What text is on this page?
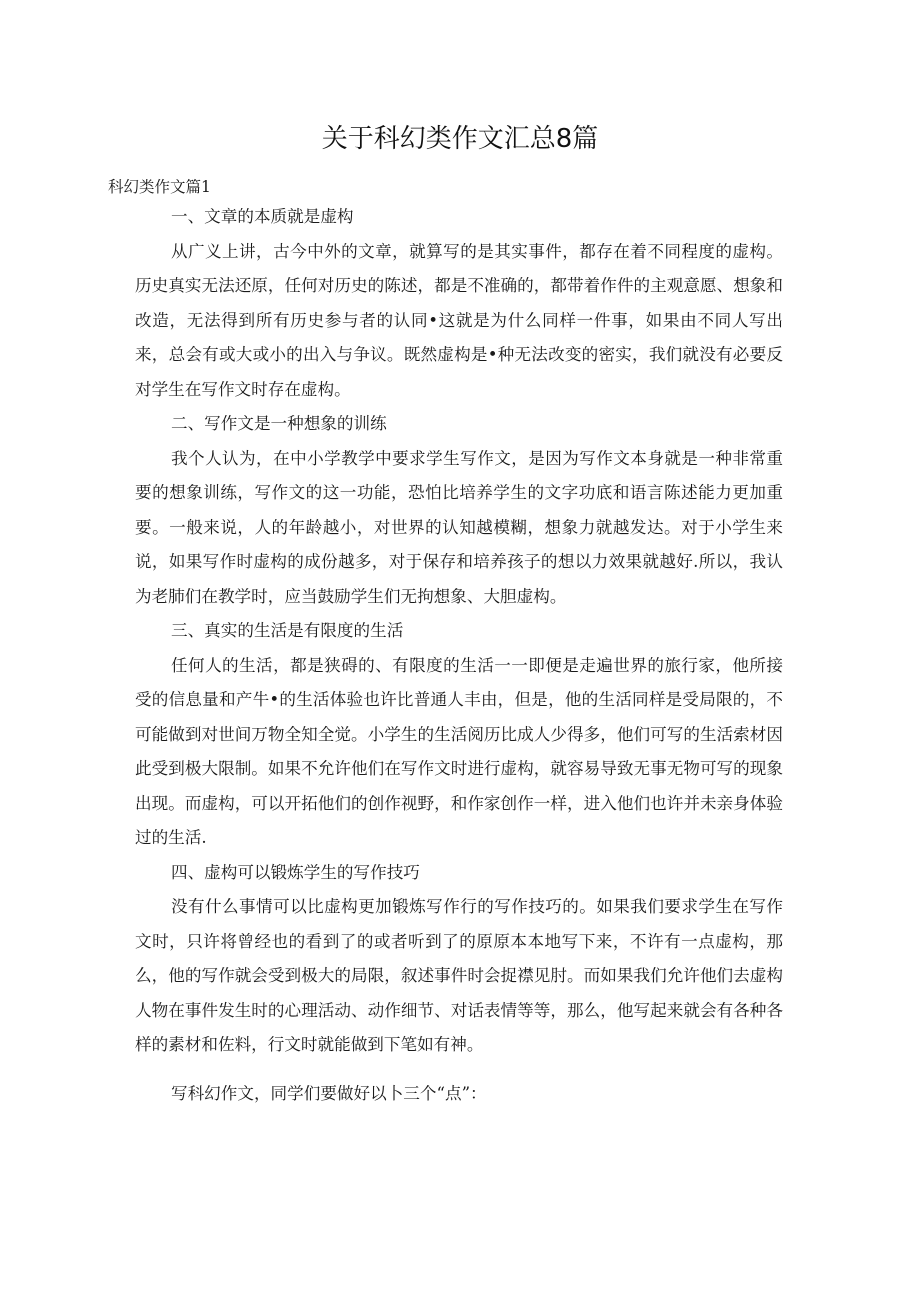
关于科幻类作文汇总8篇
科幻类作文篇1

一、文章的本质就是虚构

从广义上讲，古今中外的文章，就算写的是其实事件，都存在着不同程度的虚构。历史真实无法还原，任何对历史的陈述，都是不准确的，都带着作件的主观意愿、想象和改造，无法得到所有历史参与者的认同•这就是为什么同样一件事，如果由不同人写出来，总会有或大或小的出入与争议。既然虚构是•种无法改变的密实，我们就没有必要反对学生在写作文时存在虚构。

二、写作文是一种想象的训练

我个人认为，在中小学教学中要求学生写作文，是因为写作文本身就是一种非常重要的想象训练，写作文的这一功能，恐怕比培养学生的文字功底和语言陈述能力更加重要。一般来说，人的年龄越小，对世界的认知越模糊，想象力就越发达。对于小学生来说，如果写作时虚构的成份越多，对于保存和培养孩子的想以力效果就越好.所以，我认为老肺们在教学时，应当鼓励学生们无拘想象、大胆虚构。

三、真实的生活是有限度的生活

任何人的生活，都是狭碍的、有限度的生活一一即便是走遍世界的旅行家，他所接受的信息量和产牛•的生活体验也许比普通人丰由，但是，他的生活同样是受局限的，不可能做到对世间万物全知全觉。小学生的生活阅历比成人少得多，他们可写的生活索材因此受到极大限制。如果不允许他们在写作文时进行虚构，就容易导致无事无物可写的现象出现。而虚构，可以开拓他们的创作视野，和作家创作一样，进入他们也许并未亲身体验过的生活.

四、虚构可以锻炼学生的写作技巧

没有什么事情可以比虚构更加锻炼写作行的写作技巧的。如果我们要求学生在写作文时，只许将曾经也的看到了的或者听到了的原原本本地写下来，不许有一点虚构，那么，他的写作就会受到极大的局限，叙述事件时会捉襟见肘。而如果我们允许他们去虚构人物在事件发生时的心理活动、动作细节、对话表情等等，那么，他写起来就会有各种各样的素材和佐料，行文时就能做到下笔如有神。

写科幻作文，同学们要做好以卜三个“点”：
